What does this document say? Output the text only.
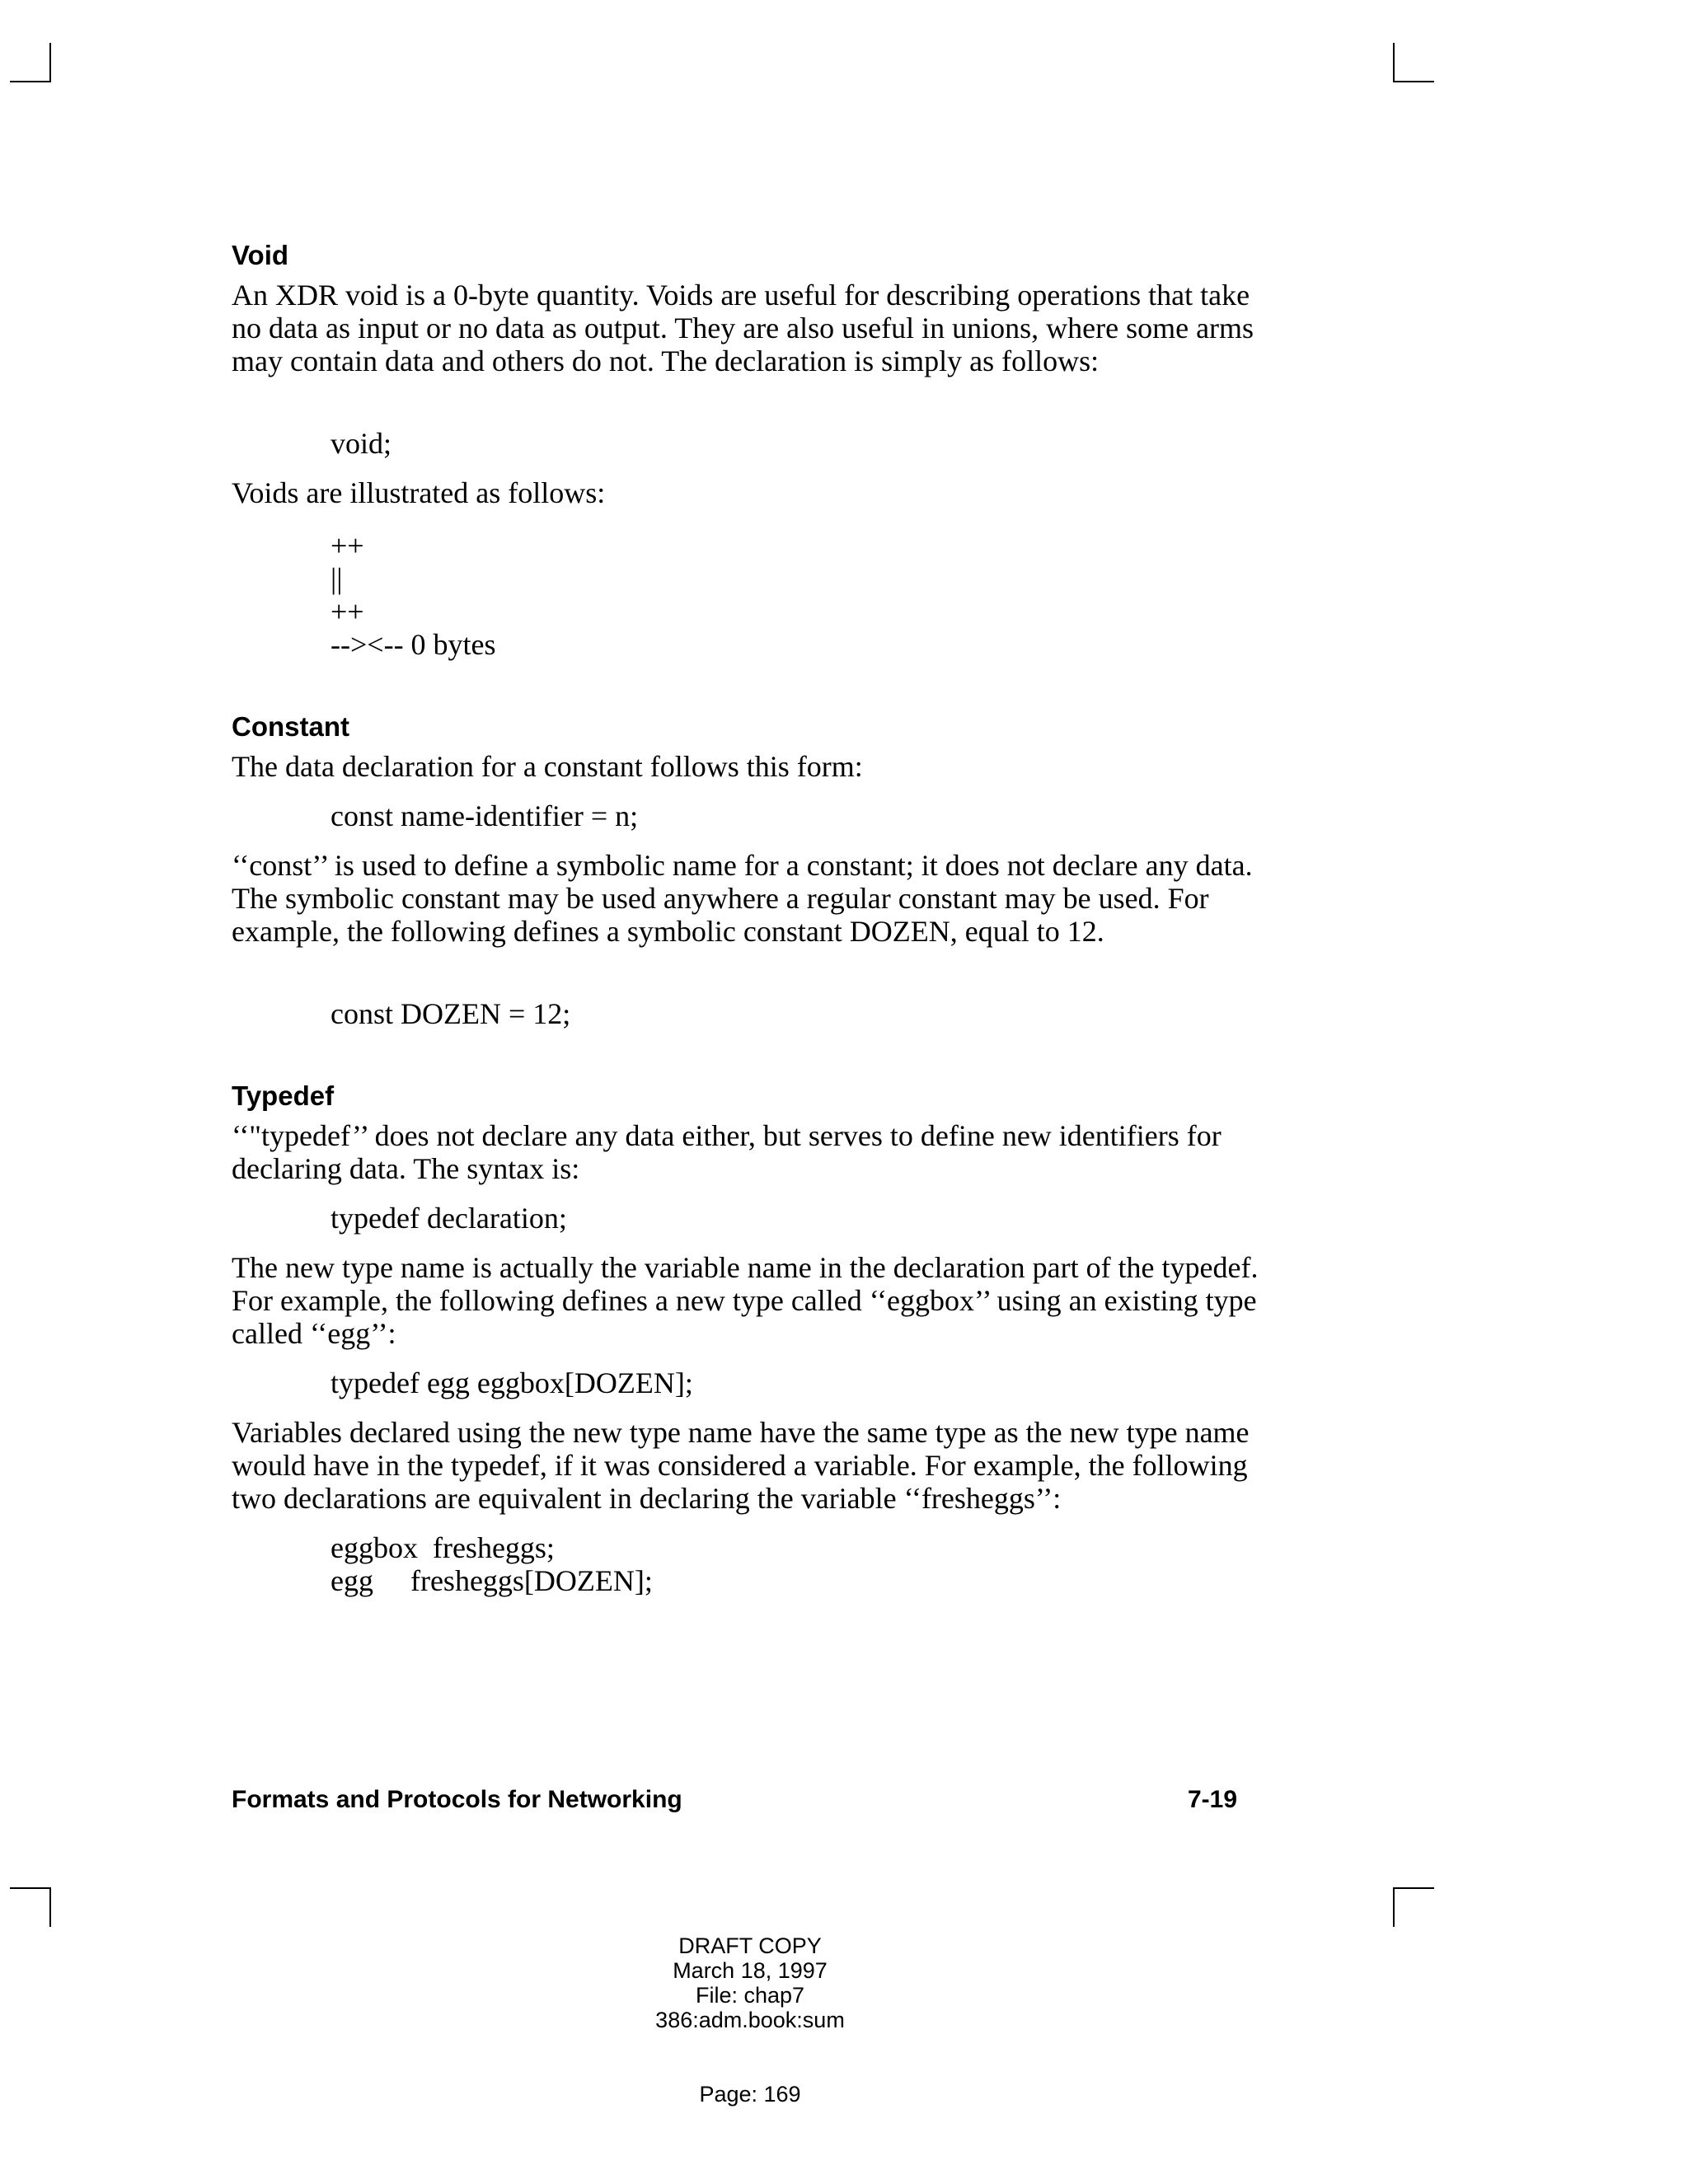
Void

An XDR void is a 0-byte quantity. Voids are useful for describing operations that take no data as input or no data as output. They are also useful in unions, where some arms may contain data and others do not. The declaration is simply as follows:

void;

Voids are illustrated as follows:

++
||
++
--><-- 0 bytes
Constant

The data declaration for a constant follows this form:

const name-identifier = n;

‘‘const’’ is used to define a symbolic name for a constant; it does not declare any data. The symbolic constant may be used anywhere a regular constant may be used. For example, the following defines a symbolic constant DOZEN, equal to 12.

const DOZEN = 12;
Typedef

‘‘"typedef’’ does not declare any data either, but serves to define new identifiers for declaring data. The syntax is:

typedef declaration;

The new type name is actually the variable name in the declaration part of the typedef. For example, the following defines a new type called ‘‘eggbox’’ using an existing type called ‘‘egg’’:

typedef egg eggbox[DOZEN];

Variables declared using the new type name have the same type as the new type name would have in the typedef, if it was considered a variable. For example, the following two declarations are equivalent in declaring the variable ‘‘fresheggs’’:

eggbox  fresheggs;
egg     fresheggs[DOZEN];
Formats and Protocols for Networking	7-19
DRAFT COPY
March 18, 1997
File: chap7
386:adm.book:sum
Page: 169
